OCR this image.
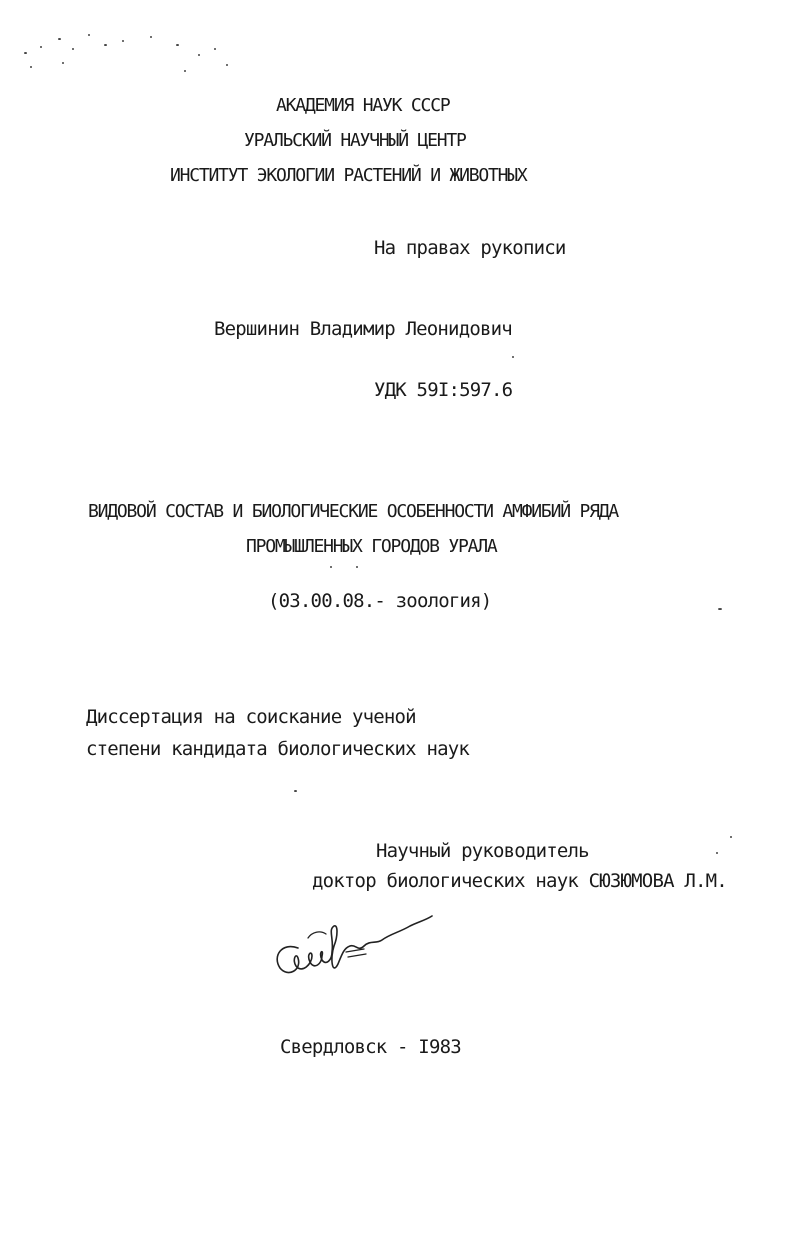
АКАДЕМИЯ НАУК СССР
УРАЛЬСКИЙ НАУЧНЫЙ ЦЕНТР
ИНСТИТУТ ЭКОЛОГИИ РАСТЕНИЙ И ЖИВОТНЫХ
На правах рукописи
Вершинин Владимир Леонидович
УДК 59I:597.6
ВИДОВОЙ СОСТАВ И БИОЛОГИЧЕСКИЕ ОСОБЕННОСТИ АМФИБИЙ РЯДА
ПРОМЫШЛЕННЫХ ГОРОДОВ УРАЛА
(03.00.08.- зоология)
Диссертация на соискание ученой
степени кандидата биологических наук
Научный руководитель
доктор биологических наук СЮЗЮМОВА Л.М.
Свердловск - I983
